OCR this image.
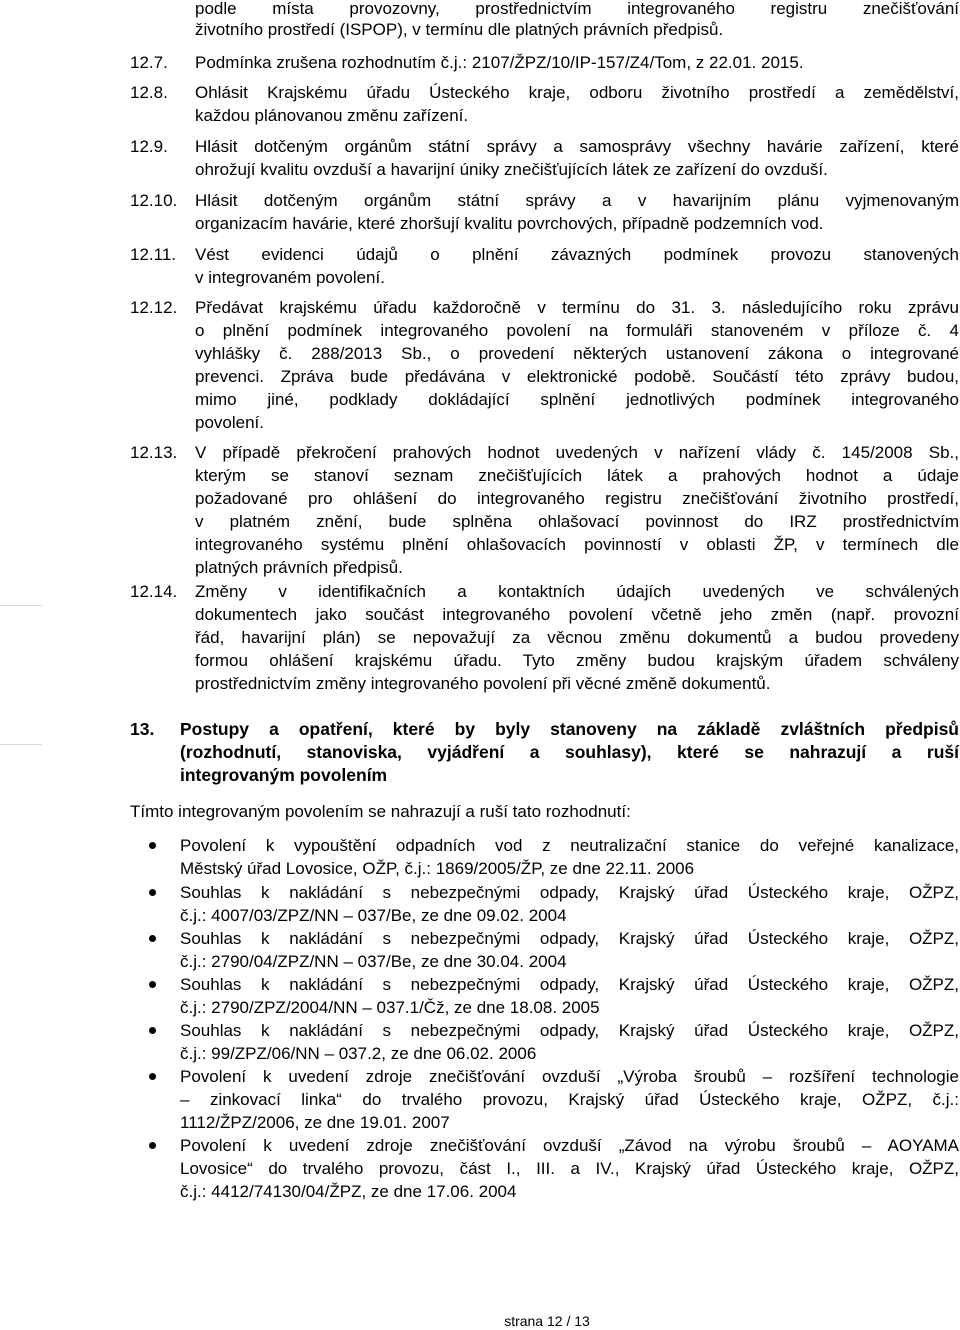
podle místa provozovny, prostřednictvím integrovaného registru znečišťování
životního prostředí (ISPOP), v termínu dle platných právních předpisů.
12.7. Podmínka zrušena rozhodnutím č.j.: 2107/ŽPZ/10/IP-157/Z4/Tom, z 22.01. 2015.
12.8. Ohlásit Krajskému úřadu Ústeckého kraje, odboru životního prostředí a zemědělství,
každou plánovanou změnu zařízení.
12.9. Hlásit dotčeným orgánům státní správy a samosprávy všechny havárie zařízení, které
ohrožují kvalitu ovzduší a havarijní úniky znečišťujících látek ze zařízení do ovzduší.
12.10. Hlásit dotčeným orgánům státní správy a v havarijním plánu vyjmenovaným
organizacím havárie, které zhoršují kvalitu povrchových, případně podzemních vod.
12.11. Vést evidenci údajů o plnění závazných podmínek provozu stanovených
v integrovaném povolení.
12.12. Předávat krajskému úřadu každoročně v termínu do 31. 3. následujícího roku zprávu
o plnění podmínek integrovaného povolení na formuláři stanoveném v příloze č. 4
vyhlášky č. 288/2013 Sb., o provedení některých ustanovení zákona o integrované
prevenci. Zpráva bude předávána v elektronické podobě. Součástí této zprávy budou,
mimo jiné, podklady dokládající splnění jednotlivých podmínek integrovaného
povolení.
12.13. V případě překročení prahových hodnot uvedených v nařízení vlády č. 145/2008 Sb.,
kterým se stanoví seznam znečišťujících látek a prahových hodnot a údaje
požadované pro ohlášení do integrovaného registru znečišťování životního prostředí,
v platném znění, bude splněna ohlašovací povinnost do IRZ prostřednictvím
integrovaného systému plnění ohlašovacích povinností v oblasti ŽP, v termínech dle
platných právních předpisů.
12.14. Změny v identifikačních a kontaktních údajích uvedených ve schválených
dokumentech jako součást integrovaného povolení včetně jeho změn (např. provozní
řád, havarijní plán) se nepovažují za věcnou změnu dokumentů a budou provedeny
formou ohlášení krajskému úřadu. Tyto změny budou krajským úřadem schváleny
prostřednictvím změny integrovaného povolení při věcné změně dokumentů.
13. Postupy a opatření, které by byly stanoveny na základě zvláštních předpisů
(rozhodnutí, stanoviska, vyjádření a souhlasy), které se nahrazují a ruší
integrovaným povolením
Tímto integrovaným povolením se nahrazují a ruší tato rozhodnutí:
Povolení k vypouštění odpadních vod z neutralizační stanice do veřejné kanalizace,
Městský úřad Lovosice, OŽP, č.j.: 1869/2005/ŽP, ze dne 22.11. 2006
Souhlas k nakládání s nebezpečnými odpady, Krajský úřad Ústeckého kraje, OŽPZ,
č.j.: 4007/03/ZPZ/NN – 037/Be, ze dne 09.02. 2004
Souhlas k nakládání s nebezpečnými odpady, Krajský úřad Ústeckého kraje, OŽPZ,
č.j.: 2790/04/ZPZ/NN – 037/Be, ze dne 30.04. 2004
Souhlas k nakládání s nebezpečnými odpady, Krajský úřad Ústeckého kraje, OŽPZ,
č.j.: 2790/ZPZ/2004/NN – 037.1/Čž, ze dne 18.08. 2005
Souhlas k nakládání s nebezpečnými odpady, Krajský úřad Ústeckého kraje, OŽPZ,
č.j.: 99/ZPZ/06/NN – 037.2, ze dne 06.02. 2006
Povolení k uvedení zdroje znečišťování ovzduší „Výroba šroubů – rozšíření technologie
– zinkovací linka“ do trvalého provozu, Krajský úřad Ústeckého kraje, OŽPZ, č.j.:
1112/ŽPZ/2006, ze dne 19.01. 2007
Povolení k uvedení zdroje znečišťování ovzduší „Závod na výrobu šroubů – AOYAMA
Lovosice“ do trvalého provozu, část I., III. a IV., Krajský úřad Ústeckého kraje, OŽPZ,
č.j.: 4412/74130/04/ŽPZ, ze dne 17.06. 2004
strana 12 / 13
